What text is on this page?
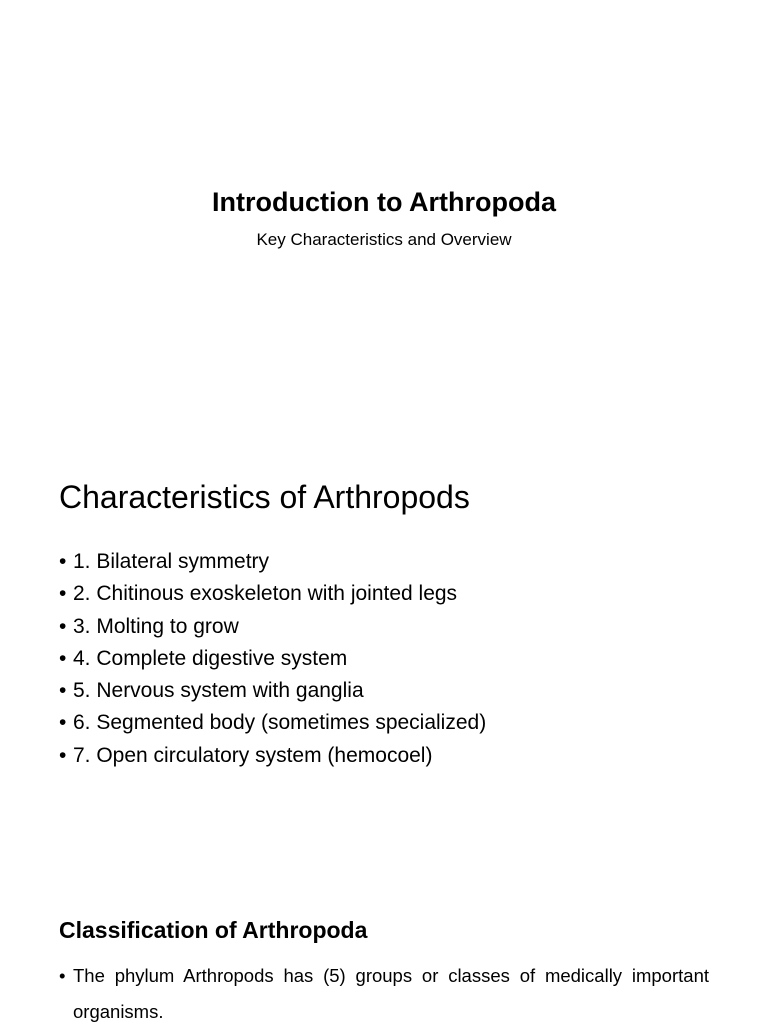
Introduction to Arthropoda
Key Characteristics and Overview
Characteristics of Arthropods
• 1. Bilateral symmetry
• 2. Chitinous exoskeleton with jointed legs
• 3. Molting to grow
• 4. Complete digestive system
• 5. Nervous system with ganglia
• 6. Segmented body (sometimes specialized)
• 7. Open circulatory system (hemocoel)
Classification of Arthropoda
• The phylum Arthropods has (5) groups or classes of medically important organisms.
